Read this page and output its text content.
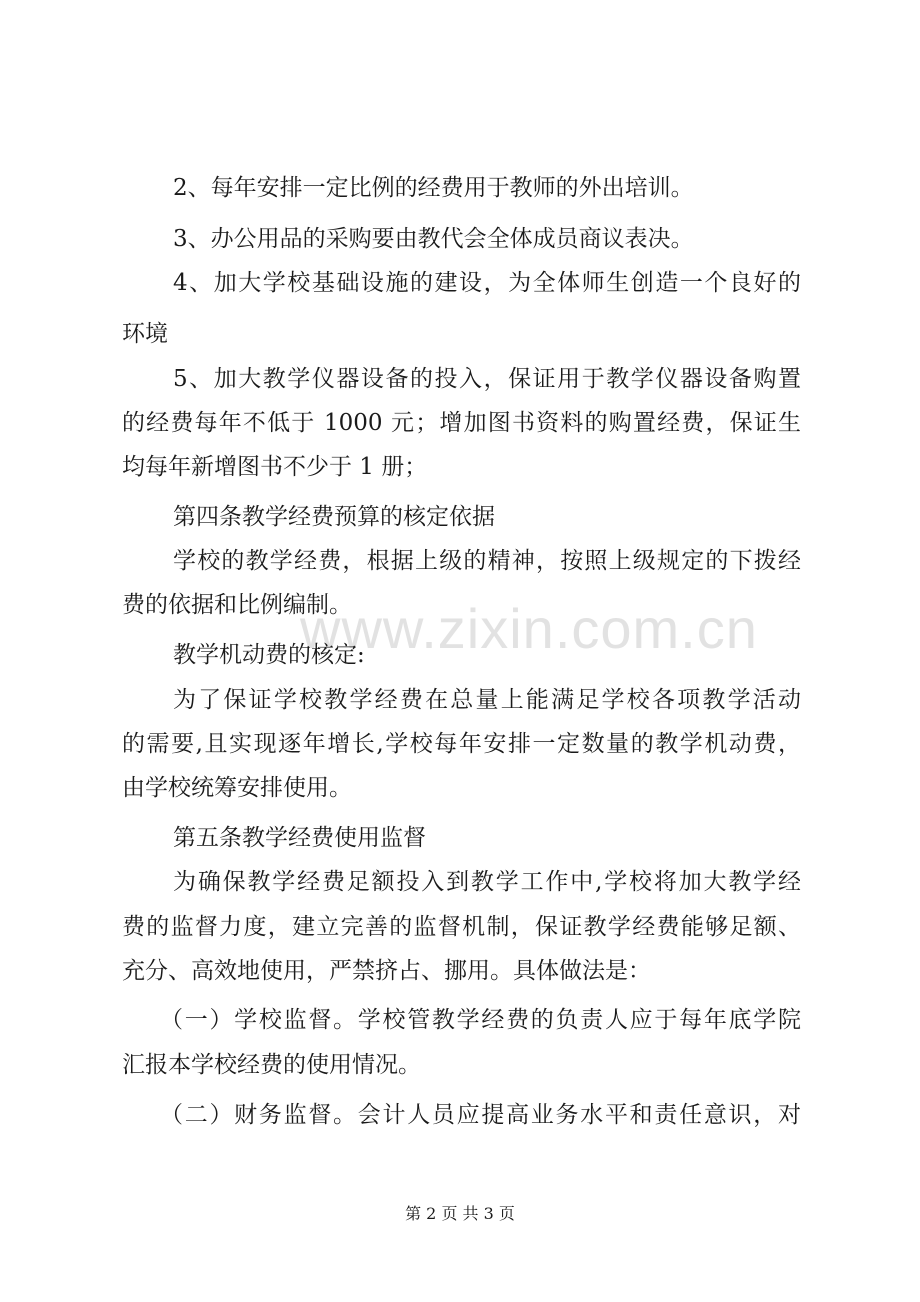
www.zixin.com.cn
2、每年安排一定比例的经费用于教师的外出培训。
3、办公用品的采购要由教代会全体成员商议表决。
4、加大学校基础设施的建设，为全体师生创造一个良好的
环境
5、加大教学仪器设备的投入，保证用于教学仪器设备购置
的经费每年不低于 1000 元；增加图书资料的购置经费，保证生
均每年新增图书不少于 1 册；
第四条教学经费预算的核定依据
学校的教学经费，根据上级的精神，按照上级规定的下拨经
费的依据和比例编制。
教学机动费的核定:
为了保证学校教学经费在总量上能满足学校各项教学活动
的需要,且实现逐年增长,学校每年安排一定数量的教学机动费，
由学校统筹安排使用。
第五条教学经费使用监督
为确保教学经费足额投入到教学工作中,学校将加大教学经
费的监督力度，建立完善的监督机制，保证教学经费能够足额、
充分、高效地使用，严禁挤占、挪用。具体做法是：
（一）学校监督。学校管教学经费的负责人应于每年底学院
汇报本学校经费的使用情况。
（二）财务监督。会计人员应提高业务水平和责任意识，对
第 2 页 共 3 页
